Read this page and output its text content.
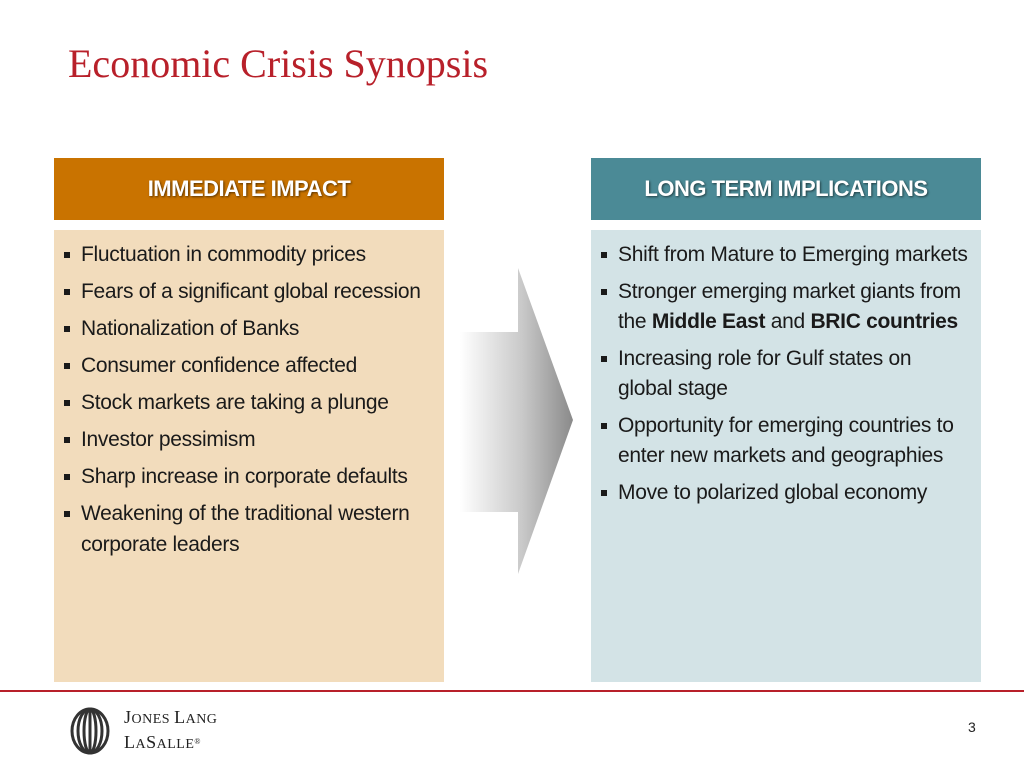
Economic Crisis Synopsis
IMMEDIATE IMPACT
Fluctuation in commodity prices
Fears of a significant global recession
Nationalization of Banks
Consumer confidence affected
Stock markets are taking a plunge
Investor pessimism
Sharp increase in corporate defaults
Weakening of the traditional western corporate leaders
LONG TERM IMPLICATIONS
Shift from Mature to Emerging markets
Stronger emerging market giants from the Middle East and BRIC countries
Increasing role for Gulf states on global stage
Opportunity for emerging countries to enter new markets and geographies
Move to polarized global economy
JONES LANG
LASALLE®
3
